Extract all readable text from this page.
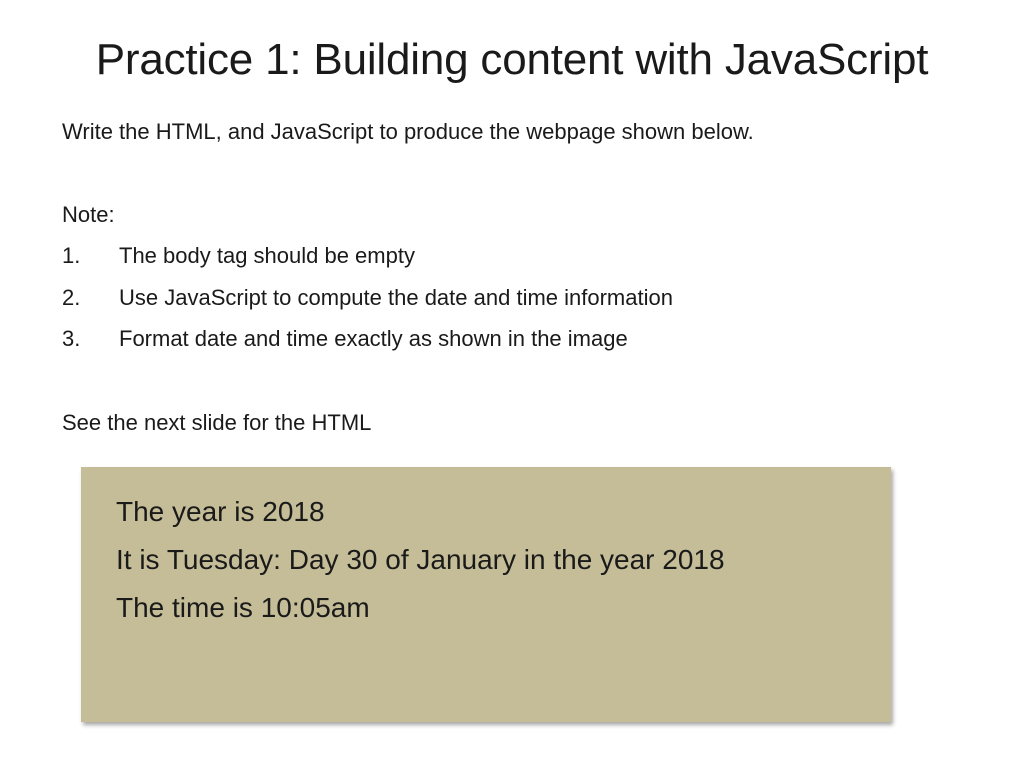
Practice 1: Building content with JavaScript

Write the HTML, and JavaScript to produce the webpage shown below.

Note:

1. The body tag should be empty
2. Use JavaScript to compute the date and time information
3. Format date and time exactly as shown in the image

See the next slide for the HTML

The year is 2018

It is Tuesday: Day 30 of January in the year 2018

The time is 10:05am
